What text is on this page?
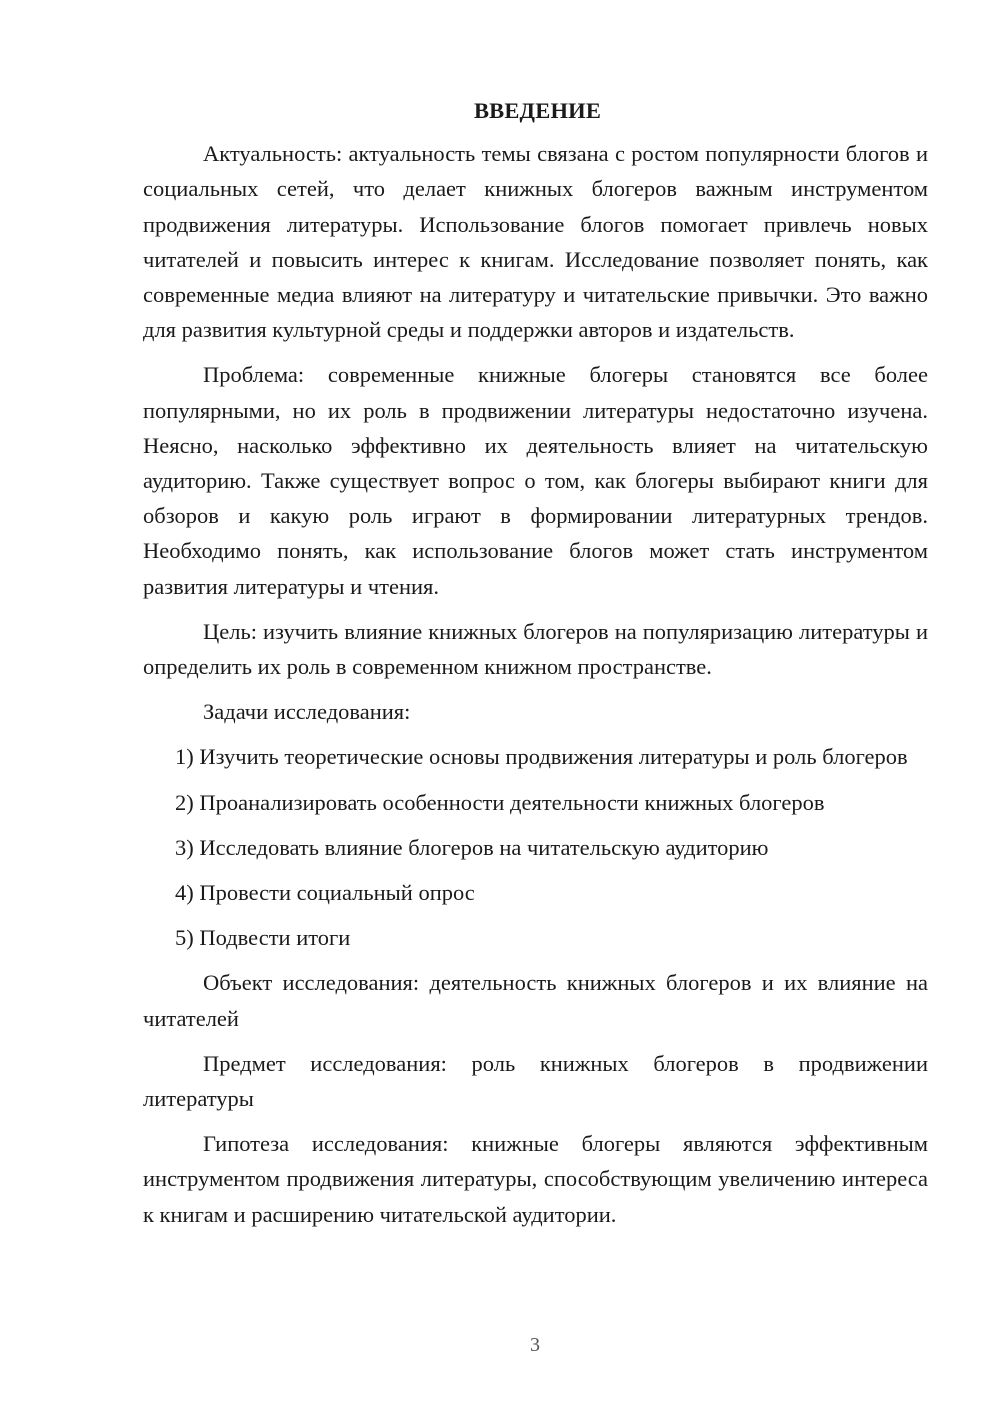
ВВЕДЕНИЕ

Актуальность: актуальность темы связана с ростом популярности блогов и социальных сетей, что делает книжных блогеров важным инструментом продвижения литературы. Использование блогов помогает привлечь новых читателей и повысить интерес к книгам. Исследование позволяет понять, как современные медиа влияют на литературу и читательские привычки. Это важно для развития культурной среды и поддержки авторов и издательств.

Проблема: современные книжные блогеры становятся все более популярными, но их роль в продвижении литературы недостаточно изучена. Неясно, насколько эффективно их деятельность влияет на читательскую аудиторию. Также существует вопрос о том, как блогеры выбирают книги для обзоров и какую роль играют в формировании литературных трендов. Необходимо понять, как использование блогов может стать инструментом развития литературы и чтения.

Цель: изучить влияние книжных блогеров на популяризацию литературы и определить их роль в современном книжном пространстве.

Задачи исследования:

1) Изучить теоретические основы продвижения литературы и роль блогеров

2) Проанализировать особенности деятельности книжных блогеров

3) Исследовать влияние блогеров на читательскую аудиторию

4) Провести социальный опрос

5) Подвести итоги

Объект исследования: деятельность книжных блогеров и их влияние на читателей

Предмет исследования: роль книжных блогеров в продвижении литературы

Гипотеза исследования: книжные блогеры являются эффективным инструментом продвижения литературы, способствующим увеличению интереса к книгам и расширению читательской аудитории.

3
